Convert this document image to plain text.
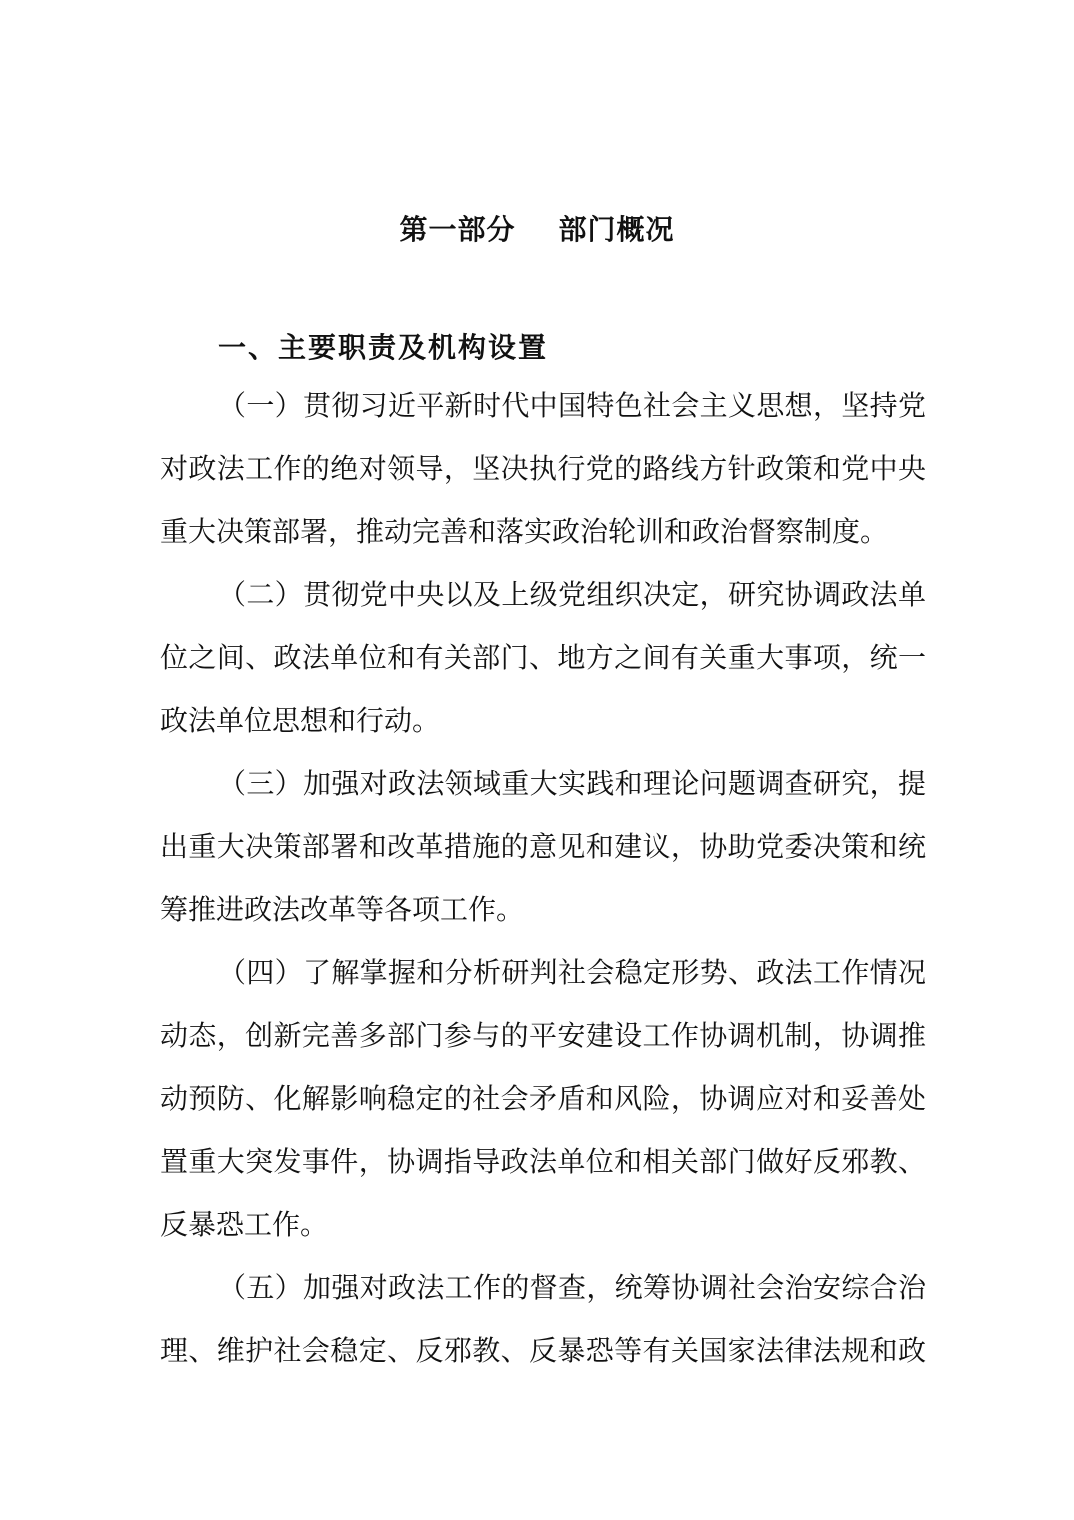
第一部分    部门概况
一、主要职责及机构设置

（一）贯彻习近平新时代中国特色社会主义思想，坚持党
对政法工作的绝对领导，坚决执行党的路线方针政策和党中央
重大决策部署，推动完善和落实政治轮训和政治督察制度。

（二）贯彻党中央以及上级党组织决定，研究协调政法单
位之间、政法单位和有关部门、地方之间有关重大事项，统一
政法单位思想和行动。

（三）加强对政法领域重大实践和理论问题调查研究，提
出重大决策部署和改革措施的意见和建议，协助党委决策和统
筹推进政法改革等各项工作。

（四）了解掌握和分析研判社会稳定形势、政法工作情况
动态，创新完善多部门参与的平安建设工作协调机制，协调推
动预防、化解影响稳定的社会矛盾和风险，协调应对和妥善处
置重大突发事件，协调指导政法单位和相关部门做好反邪教、
反暴恐工作。

（五）加强对政法工作的督查，统筹协调社会治安综合治
理、维护社会稳定、反邪教、反暴恐等有关国家法律法规和政
